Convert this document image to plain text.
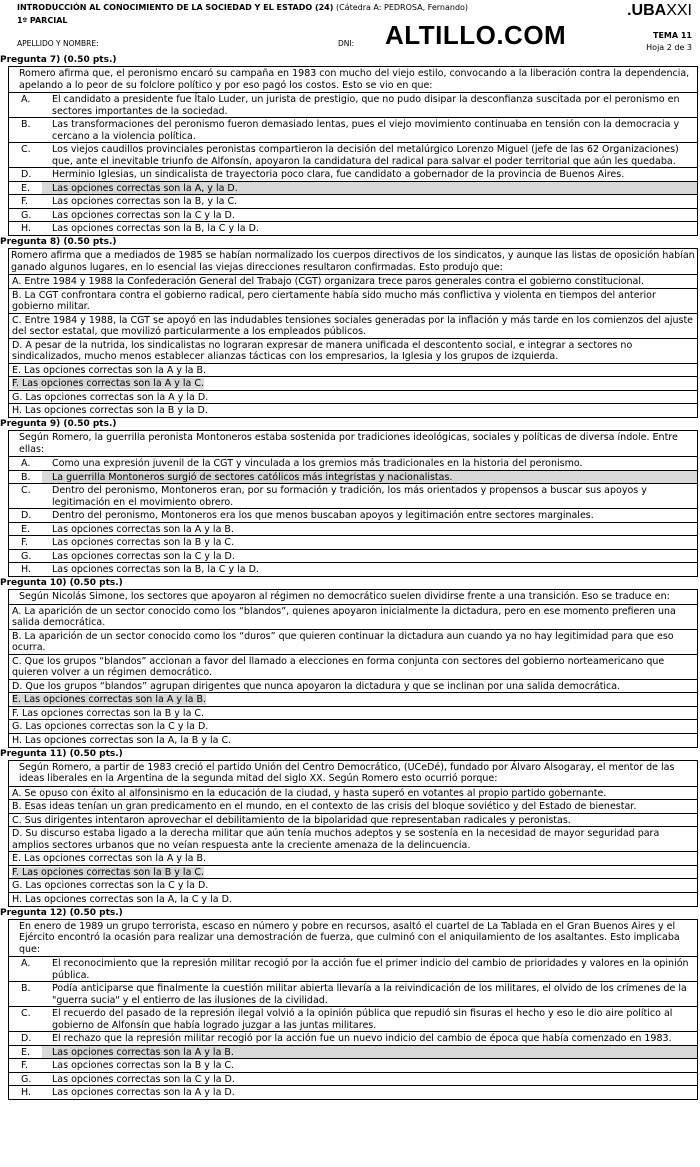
INTRODUCCIÓN AL CONOCIMIENTO DE LA SOCIEDAD Y EL ESTADO (24) (Cátedra A: PEDROSA, Fernando)
1º PARCIAL
.UBAXXI
TEMA 11
Hoja 2 de 3
APELLIDO Y NOMBRE:	DNI: ALTILLO.COM
Pregunta 7) (0.50 pts.)
Romero afirma que, el peronismo encaró su campaña en 1983 con mucho del viejo estilo, convocando a la liberación contra la dependencia, apelando a lo peor de su folclore político y por eso pagó los costos. Esto se vio en que:
A.	El candidato a presidente fue Ítalo Luder, un jurista de prestigio, que no pudo disipar la desconfianza suscitada por el peronismo en sectores importantes de la sociedad.
B.	Las transformaciones del peronismo fueron demasiado lentas, pues el viejo movimiento continuaba en tensión con la democracia y cercano a la violencia política.
C.	Los viejos caudillos provinciales peronistas compartieron la decisión del metalúrgico Lorenzo Miguel (jefe de las 62 Organizaciones) que, ante el inevitable triunfo de Alfonsín, apoyaron la candidatura del radical para salvar el poder territorial que aún les quedaba.
D.	Herminio Iglesias, un sindicalista de trayectoria poco clara, fue candidato a gobernador de la provincia de Buenos Aires.
E.	Las opciones correctas son la A, y la D.
F.	Las opciones correctas son la B, y la C.
G.	Las opciones correctas son la C y la D.
H.	Las opciones correctas son la B, la C y la D.
Pregunta 8) (0.50 pts.)
Romero afirma que a mediados de 1985 se habían normalizado los cuerpos directivos de los sindicatos, y aunque las listas de oposición habían ganado algunos lugares, en lo esencial las viejas direcciones resultaron confirmadas. Esto produjo que:
A. Entre 1984 y 1988 la Confederación General del Trabajo (CGT) organizara trece paros generales contra el gobierno constitucional.
B. La CGT confrontara contra el gobierno radical, pero ciertamente había sido mucho más conflictiva y violenta en tiempos del anterior gobierno militar.
C. Entre 1984 y 1988, la CGT se apoyó en las indudables tensiones sociales generadas por la inflación y más tarde en los comienzos del ajuste del sector estatal, que movilizó particularmente a los empleados públicos.
D. A pesar de la nutrida, los sindicalistas no lograran expresar de manera unificada el descontento social, e integrar a sectores no sindicalizados, mucho menos establecer alianzas tácticas con los empresarios, la Iglesia y los grupos de izquierda.
E. Las opciones correctas son la A y la B.
F. Las opciones correctas son la A y la C.
G. Las opciones correctas son la A y la D.
H. Las opciones correctas son la B y la D.
Pregunta 9) (0.50 pts.)
Según Romero, la guerrilla peronista Montoneros estaba sostenida por tradiciones ideológicas, sociales y políticas de diversa índole. Entre ellas:
A.	Como una expresión juvenil de la CGT y vinculada a los gremios más tradicionales en la historia del peronismo.
B.	La guerrilla Montoneros surgió de sectores católicos más integristas y nacionalistas.
C.	Dentro del peronismo, Montoneros eran, por su formación y tradición, los más orientados y propensos a buscar sus apoyos y legitimación en el movimiento obrero.
D.	Dentro del peronismo, Montoneros era los que menos buscaban apoyos y legitimación entre sectores marginales.
E.	Las opciones correctas son la A y la B.
F.	Las opciones correctas son la B y la C.
G.	Las opciones correctas son la C y la D.
H.	Las opciones correctas son la B, la C y la D.
Pregunta 10) (0.50 pts.)
Según Nicolás Simone, los sectores que apoyaron al régimen no democrático suelen dividirse frente a una transición. Eso se traduce en:
A. La aparición de un sector conocido como los “blandos”, quienes apoyaron inicialmente la dictadura, pero en ese momento prefieren una salida democrática.
B. La aparición de un sector conocido como los “duros” que quieren continuar la dictadura aun cuando ya no hay legitimidad para que eso ocurra.
C. Que los grupos “blandos” accionan a favor del llamado a elecciones en forma conjunta con sectores del gobierno norteamericano que quieren volver a un régimen democrático.
D. Que los grupos “blandos” agrupan dirigentes que nunca apoyaron la dictadura y que se inclinan por una salida democrática.
E. Las opciones correctas son la A y la B.
F. Las opciones correctas son la B y la C.
G. Las opciones correctas son la C y la D.
H. Las opciones correctas son la A, la B y la C.
Pregunta 11) (0.50 pts.)
Según Romero, a partir de 1983 creció el partido Unión del Centro Democrático, (UCeDé), fundado por Álvaro Alsogaray, el mentor de las ideas liberales en la Argentina de la segunda mitad del siglo XX. Según Romero esto ocurrió porque:
A. Se opuso con éxito al alfonsinismo en la educación de la ciudad, y hasta superó en votantes al propio partido gobernante.
B. Esas ideas tenían un gran predicamento en el mundo, en el contexto de las crisis del bloque soviético y del Estado de bienestar.
C. Sus dirigentes intentaron aprovechar el debilitamiento de la bipolaridad que representaban radicales y peronistas.
D. Su discurso estaba ligado a la derecha militar que aún tenía muchos adeptos y se sostenía en la necesidad de mayor seguridad para amplios sectores urbanos que no veían respuesta ante la creciente amenaza de la delincuencia.
E. Las opciones correctas son la A y la B.
F. Las opciones correctas son la B y la C.
G. Las opciones correctas son la C y la D.
H. Las opciones correctas son la A, la C y la D.
Pregunta 12) (0.50 pts.)
En enero de 1989 un grupo terrorista, escaso en número y pobre en recursos, asaltó el cuartel de La Tablada en el Gran Buenos Aires y el Ejército encontró la ocasión para realizar una demostración de fuerza, que culminó con el aniquilamiento de los asaltantes. Esto implicaba que:
A.	El reconocimiento que la represión militar recogió por la acción fue el primer indicio del cambio de prioridades y valores en la opinión pública.
B.	Podía anticiparse que finalmente la cuestión militar abierta llevaría a la reivindicación de los militares, el olvido de los crímenes de la "guerra sucia" y el entierro de las ilusiones de la civilidad.
C.	El recuerdo del pasado de la represión ilegal volvió a la opinión pública que repudió sin fisuras el hecho y eso le dio aire político al gobierno de Alfonsín que había logrado juzgar a las juntas militares.
D.	El rechazo que la represión militar recogió por la acción fue un nuevo indicio del cambio de época que había comenzado en 1983.
E.	Las opciones correctas son la A y la B.
F.	Las opciones correctas son la B y la C.
G.	Las opciones correctas son la C y la D.
H.	Las opciones correctas son la A y la D.
